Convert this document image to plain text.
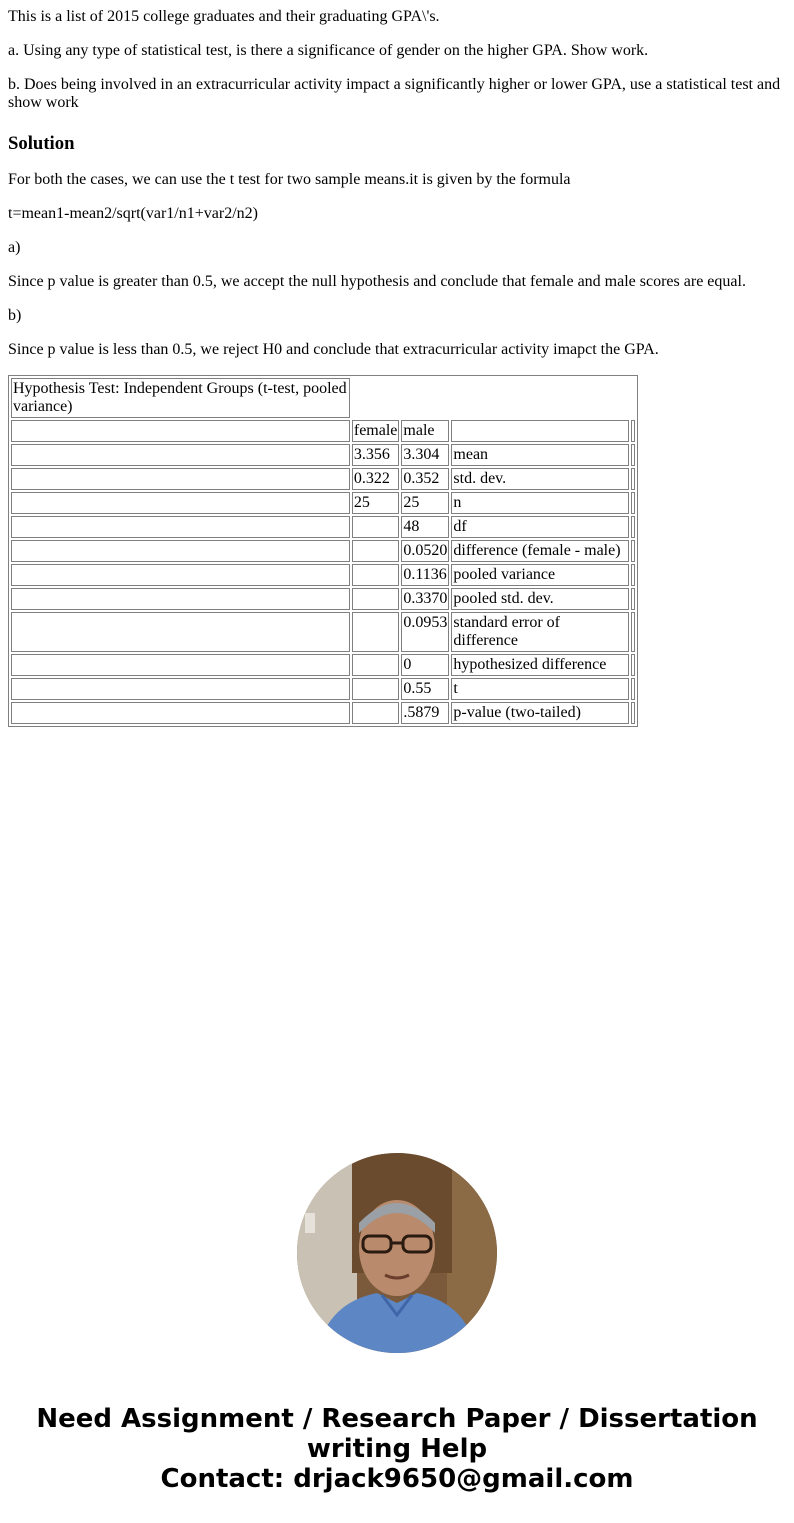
This is a list of 2015 college graduates and their graduating GPA\'s.

a. Using any type of statistical test, is there a significance of gender on the higher GPA. Show work.

b. Does being involved in an extracurricular activity impact a significantly higher or lower GPA, use a statistical test and show work

Solution

For both the cases, we can use the t test for two sample means.it is given by the formula

t=mean1-mean2/sqrt(var1/n1+var2/n2)

a)

Since p value is greater than 0.5, we accept the null hypothesis and conclude that female and male scores are equal.

b)

Since p value is less than 0.5, we reject H0 and conclude that extracurricular activity imapct the GPA.

Hypothesis Test: Independent Groups (t-test, pooled variance)				
	female	male		
	3.356	3.304	mean	
	0.322	0.352	std. dev.	
	25	25	n	
		48	df	
		0.0520	difference (female - male)	
		0.1136	pooled variance	
		0.3370	pooled std. dev.	
		0.0953	standard error of difference	
		0	hypothesized difference	
		0.55	t	
		.5879	p-value (two-tailed)	
Need Assignment / Research Paper / Dissertation
writing Help
Contact: drjack9650@gmail.com
